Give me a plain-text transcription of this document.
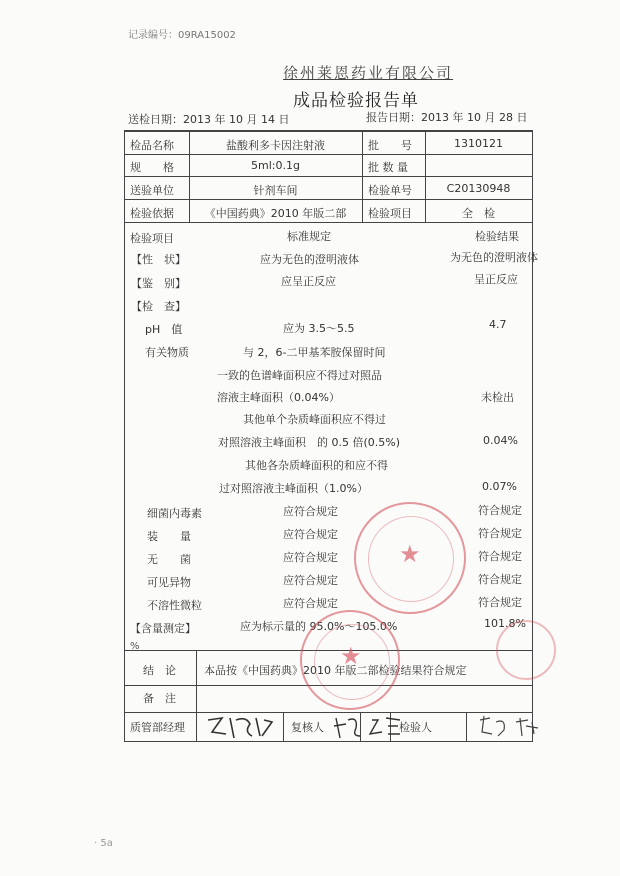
记录编号：09RA15002
徐州莱恩药业有限公司
成品检验报告单
送检日期：2013 年 10 月 14 日	报告日期：2013 年 10 月 28 日
检品名称	盐酸利多卡因注射液	批　　号	1310121
规　　格	5ml:0.1g	批 数 量
送验单位	针剂车间	检验单号	C20130948
检验依据	《中国药典》2010 年版二部	检验项目	全　检
检验项目	标准规定	检验结果
【性　状】	应为无色的澄明液体	为无色的澄明液体
【鉴　别】	应呈正反应	呈正反应
【检　查】
pH　值	应为 3.5～5.5	4.7
有关物质	与 2，6-二甲基苯胺保留时间
一致的色谱峰面积应不得过对照品
溶液主峰面积（0.04%）	未检出
其他单个杂质峰面积应不得过
对照溶液主峰面积　的 0.5 倍(0.5%)	0.04%
其他各杂质峰面积的和应不得
过对照溶液主峰面积（1.0%）	0.07%
细菌内毒素	应符合规定	符合规定
装　　量	应符合规定	符合规定
无　　菌	应符合规定	符合规定
可见异物	应符合规定	符合规定
不溶性微粒	应符合规定	符合规定
【含量测定】	应为标示量的 95.0%～105.0%	101.8%
%
结　论	本品按《中国药典》2010 年版二部检验结果符合规定
备　注
质管部经理	复核人	检验人
★
★
· 5a
